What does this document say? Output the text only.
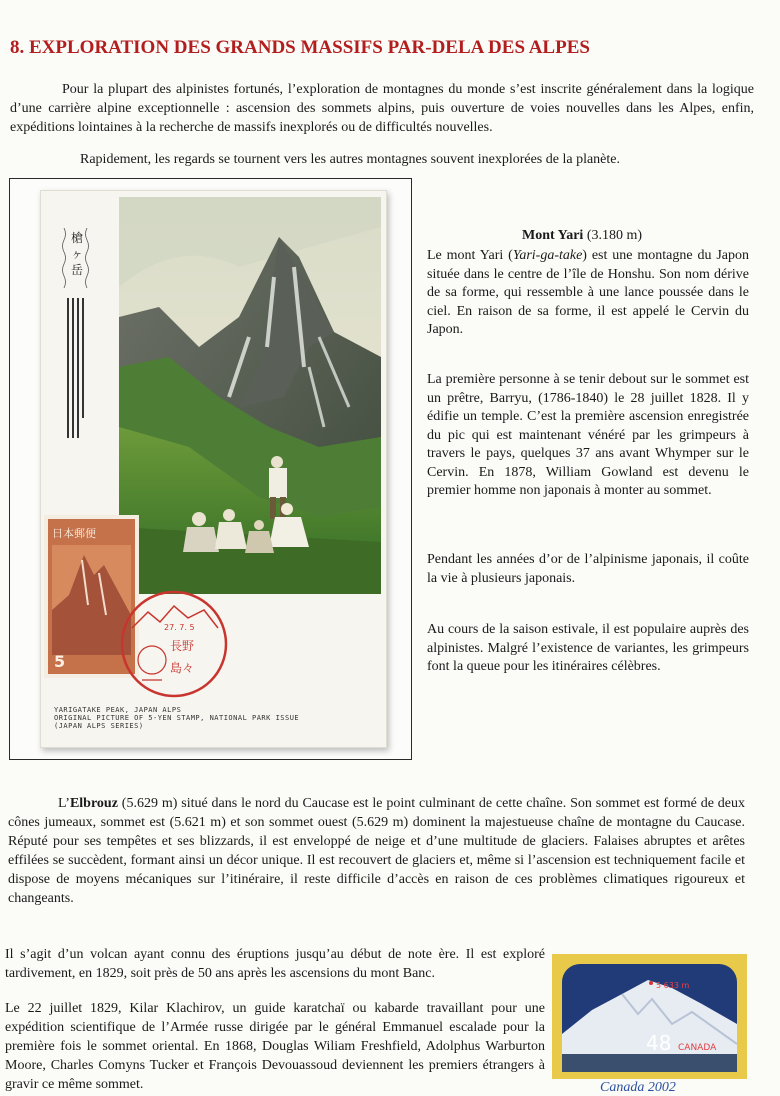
8. EXPLORATION DES GRANDS MASSIFS PAR-DELA DES ALPES
Pour la plupart des alpinistes fortunés, l’exploration de montagnes du monde s’est inscrite généralement dans la logique d’une carrière alpine exceptionnelle : ascension des sommets alpins, puis ouverture de voies nouvelles dans les Alpes, enfin, expéditions lointaines à la recherche de massifs inexplorés ou de difficultés nouvelles.
Rapidement, les regards se tournent vers les autres montagnes souvent inexplorées de la planète.
槍
ヶ
岳
日本郵便
5
27. 7. 5
長野
島々
YARIGATAKE PEAK, JAPAN ALPS
ORIGINAL PICTURE OF 5-YEN STAMP, NATIONAL PARK ISSUE
(JAPAN ALPS SERIES)
Mont Yari (3.180 m)
Le mont Yari (Yari-ga-take) est une montagne du Japon située dans le centre de l’île de Honshu. Son nom dérive de sa forme, qui ressemble à une lance poussée dans le ciel. En raison de sa forme, il est appelé le Cervin du Japon.
La première personne à se tenir debout sur le sommet est un prêtre, Barryu, (1786-1840) le 28 juillet 1828. Il y édifie un temple. C’est la première ascension enregistrée du pic qui est maintenant vénéré par les grimpeurs à travers le pays, quelques 37 ans avant Whymper sur le Cervin. En 1878, William Gowland est devenu le premier homme non japonais à monter au sommet.
Pendant les années d’or de l’alpinisme japonais, il coûte la vie à plusieurs japonais.
Au cours de la saison estivale, il est populaire auprès des alpinistes. Malgré l’existence de variantes, les grimpeurs font la queue pour les itinéraires célèbres.
L’Elbrouz (5.629 m) situé dans le nord du Caucase est le point culminant de cette chaîne. Son sommet est formé de deux cônes jumeaux, sommet est (5.621 m) et son sommet ouest (5.629 m) dominent la majestueuse chaîne de montagne du Caucase. Réputé pour ses tempêtes et ses blizzards, il est enveloppé de neige et d’une multitude de glaciers. Falaises abruptes et arêtes effilées se succèdent, formant ainsi un décor unique. Il est recouvert de glaciers et, même si l’ascension est techniquement facile et dispose de moyens mécaniques sur l’itinéraire, il reste difficile d’accès en raison de ces problèmes climatiques rigoureux et changeants.
Il s’agit d’un volcan ayant connu des éruptions jusqu’au début de note ère. Il est exploré tardivement, en 1829, soit près de 50 ans après les ascensions du mont Banc.
Le 22 juillet 1829, Kilar Klachirov, un guide karatchaï ou kabarde travaillant pour une expédition scientifique de l’Armée russe dirigée par le général Emmanuel escalade pour la première fois le sommet oriental. En 1868, Douglas Wiliam Freshfield, Adolphus Warburton Moore, Charles Comyns Tucker et François Devouassoud deviennent les premiers étrangers à gravir ce même sommet.
5 633 m
48 CANADA
Canada 2002
